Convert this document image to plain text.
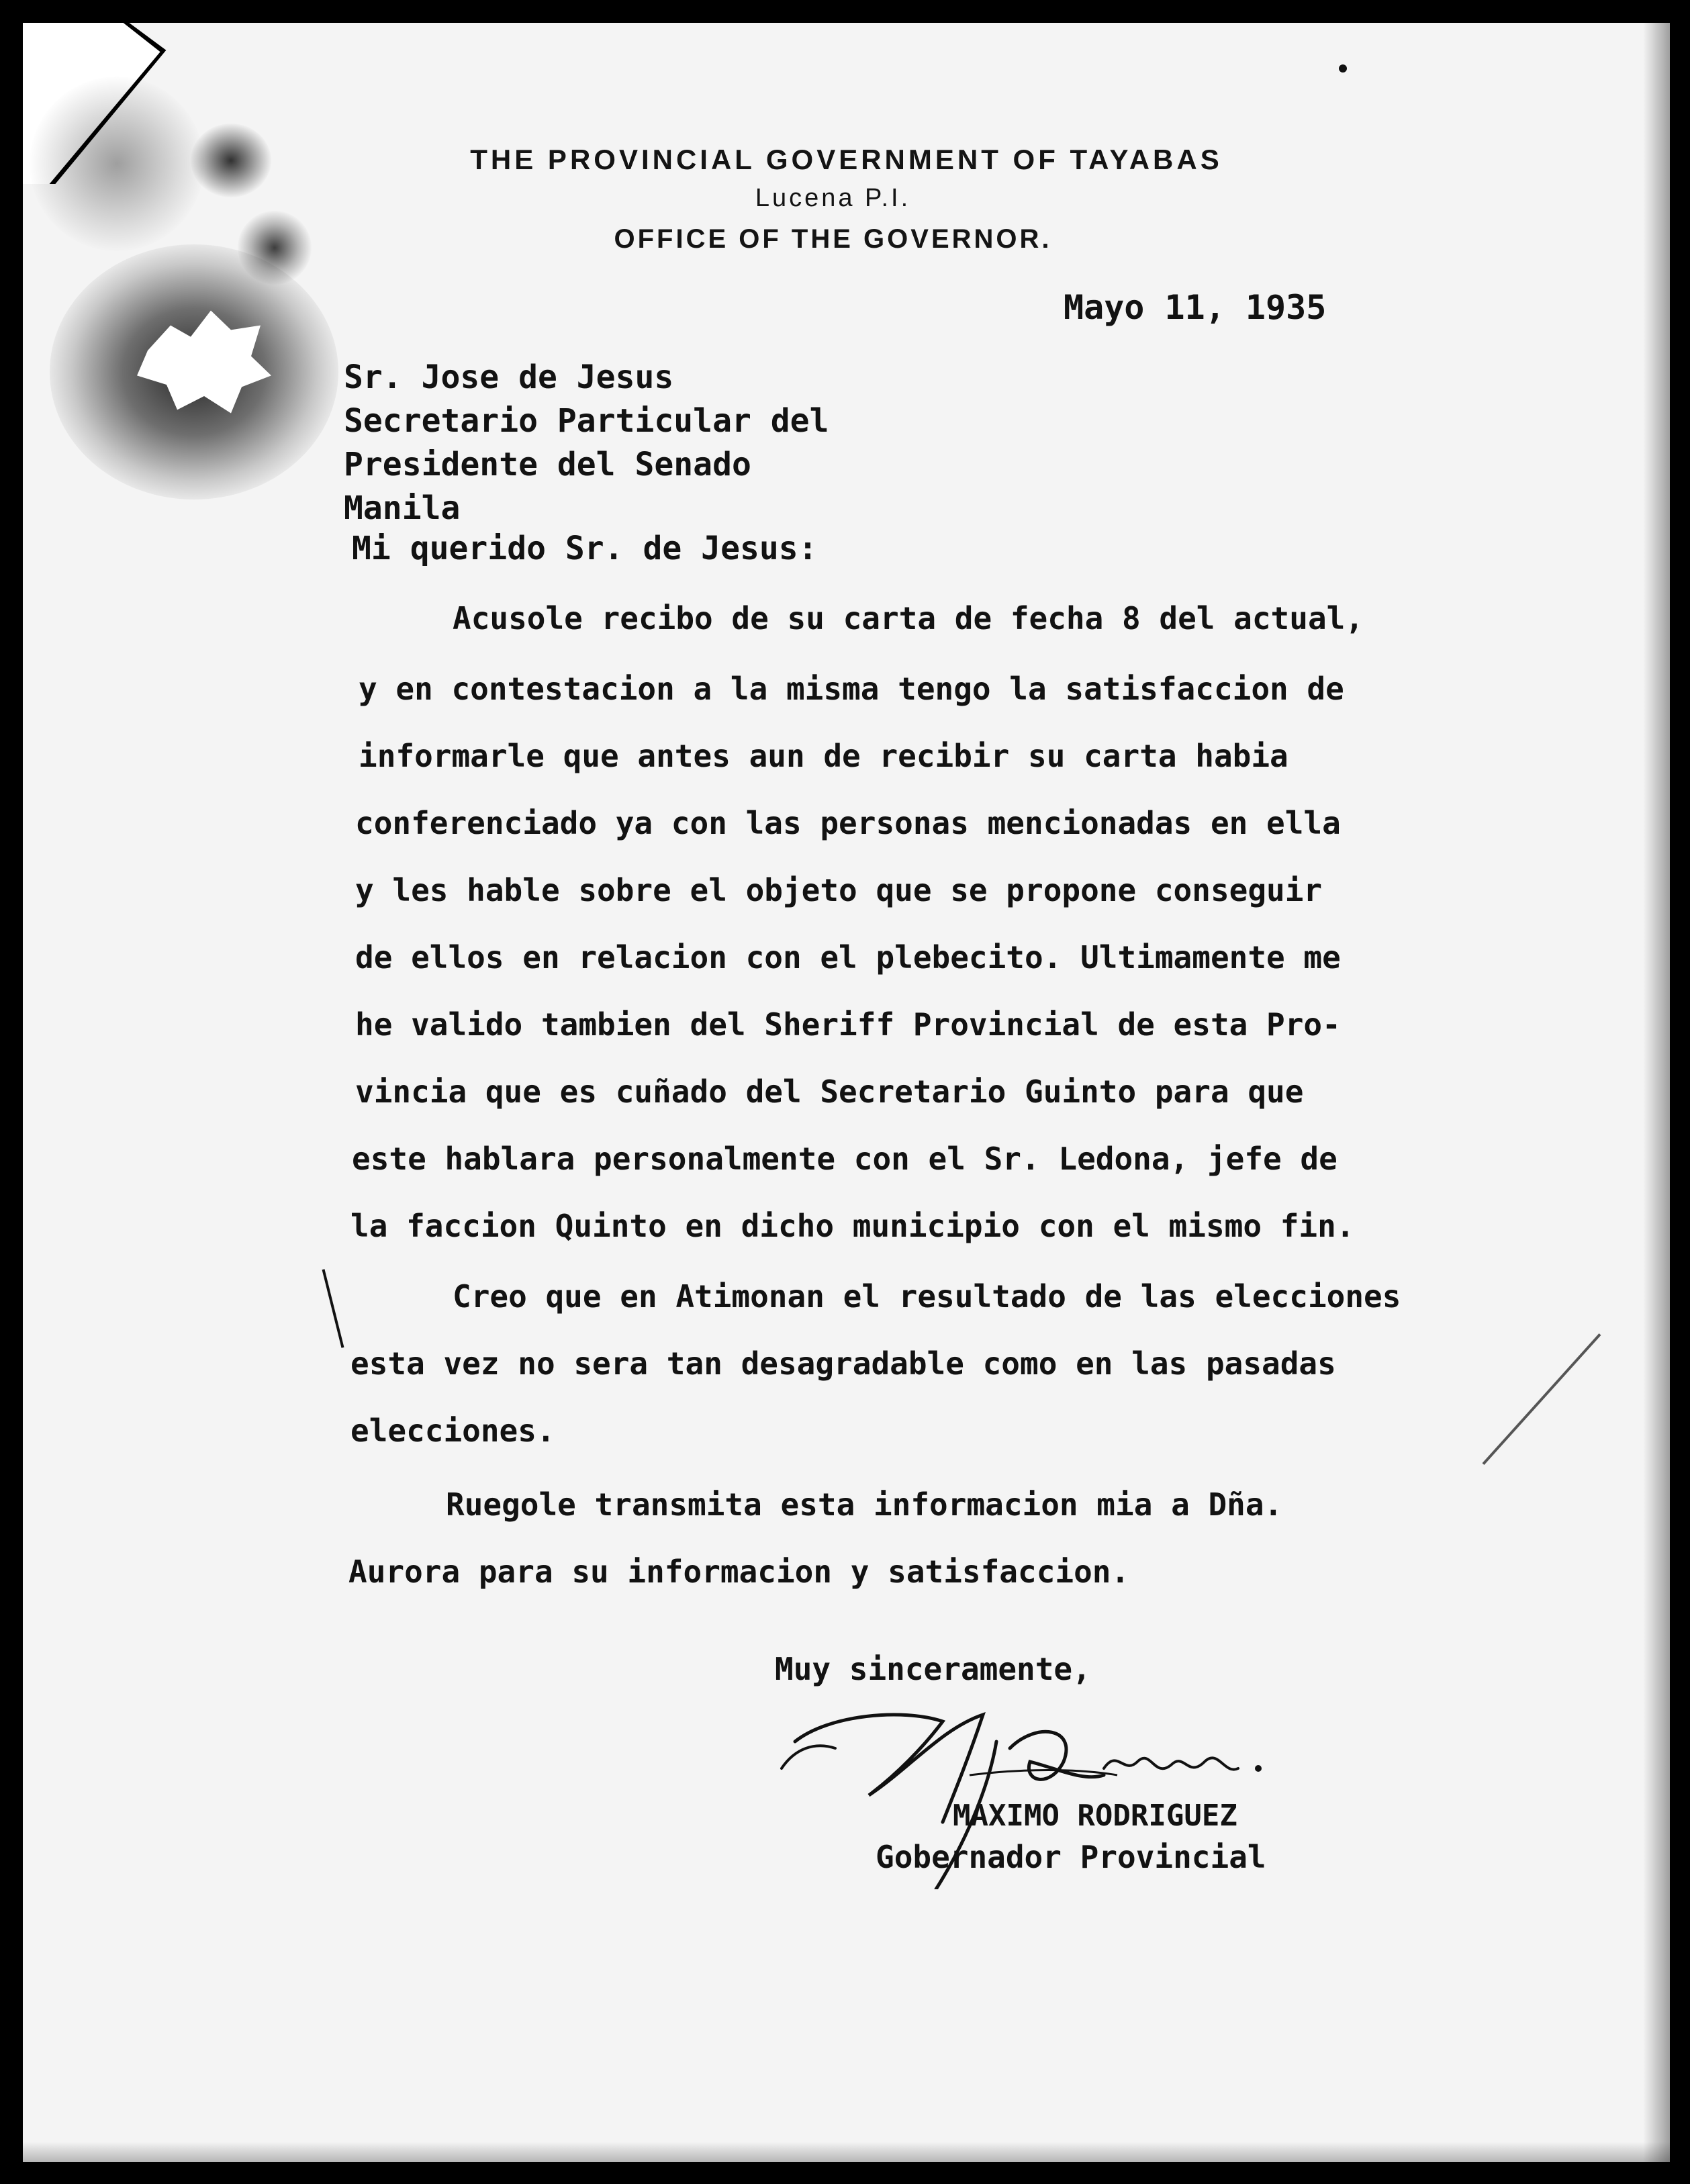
THE PROVINCIAL GOVERNMENT OF TAYABAS
Lucena P.I.
OFFICE OF THE GOVERNOR.
Mayo 11, 1935
Sr. Jose de Jesus
Secretario Particular del
Presidente del Senado
Manila
Mi querido Sr. de Jesus:
Acusole recibo de su carta de fecha 8 del actual,
y en contestacion a la misma tengo la satisfaccion de
informarle que antes aun de recibir su carta habia
conferenciado ya con las personas mencionadas en ella
y les hable sobre el objeto que se propone conseguir
de ellos en relacion con el plebecito. Ultimamente me
he valido tambien del Sheriff Provincial de esta Pro-
vincia que es cuñado del Secretario Guinto para que
este hablara personalmente con el Sr. Ledona, jefe de
la faccion Quinto en dicho municipio con el mismo fin.
Creo que en Atimonan el resultado de las elecciones
esta vez no sera tan desagradable como en las pasadas
elecciones.
Ruegole transmita esta informacion mia a Dña.
Aurora para su informacion y satisfaccion.
Muy sinceramente,
MAXIMO RODRIGUEZ
Gobernador Provincial
